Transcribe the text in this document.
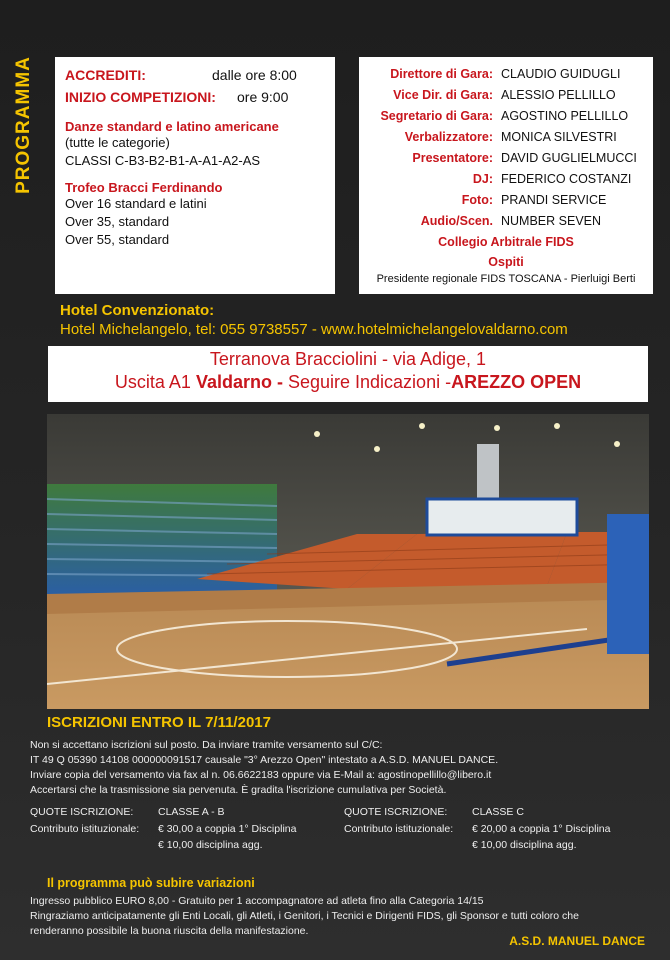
PROGRAMMA ACCREDITI:	dalle ore 8:00
INIZIO COMPETIZIONI: ore 9:00
Danze standard e latino americane
(tutte le categorie)
CLASSI C-B3-B2-B1-A-A1-A2-AS
Trofeo Bracci Ferdinando
Over 16 standard e latini
Over 35, standard
Over 55, standard
Direttore di Gara: CLAUDIO GUIDUGLI
Vice Dir. di Gara: ALESSIO PELLILLO
Segretario di Gara: AGOSTINO PELLILLO
Verbalizzatore: MONICA SILVESTRI
Presentatore: DAVID GUGLIELMUCCI
DJ: FEDERICO COSTANZI
Foto: PRANDI SERVICE
Audio/Scen. NUMBER SEVEN
Collegio Arbitrale FIDS
Ospiti
Presidente regionale FIDS TOSCANA - Pierluigi Berti
Hotel Convenzionato:
Hotel Michelangelo, tel: 055 9738557 - www.hotelmichelangelovaldarno.com
Terranova Bracciolini - via Adige, 1
Uscita A1 Valdarno - Seguire Indicazioni -AREZZO OPEN
ISCRIZIONI ENTRO IL 7/11/2017
Non si accettano iscrizioni sul posto. Da inviare tramite versamento sul C/C:
IT 49 Q 05390 14108 000000091517 causale "3° Arezzo Open" intestato a A.S.D. MANUEL DANCE.
Inviare copia del versamento via fax al n. 06.6622183 oppure via E-Mail a: agostinopellillo@libero.it
Accertarsi che la trasmissione sia pervenuta. È gradita l'iscrizione cumulativa per Società.
QUOTE ISCRIZIONE: CLASSE A - B
Contributo istituzionale: € 30,00 a coppia 1° Disciplina
€ 10,00 disciplina agg.
QUOTE ISCRIZIONE: CLASSE C
Contributo istituzionale: € 20,00 a coppia 1° Disciplina
€ 10,00 disciplina agg.
Il programma può subire variazioni
Ingresso pubblico EURO 8,00 - Gratuito per 1 accompagnatore ad atleta fino alla Categoria 14/15
Ringraziamo anticipatamente gli Enti Locali, gli Atleti, i Genitori, i Tecnici e Dirigenti FIDS, gli Sponsor e tutti coloro che
renderanno possibile la buona riuscita della manifestazione.
A.S.D. MANUEL DANCE
